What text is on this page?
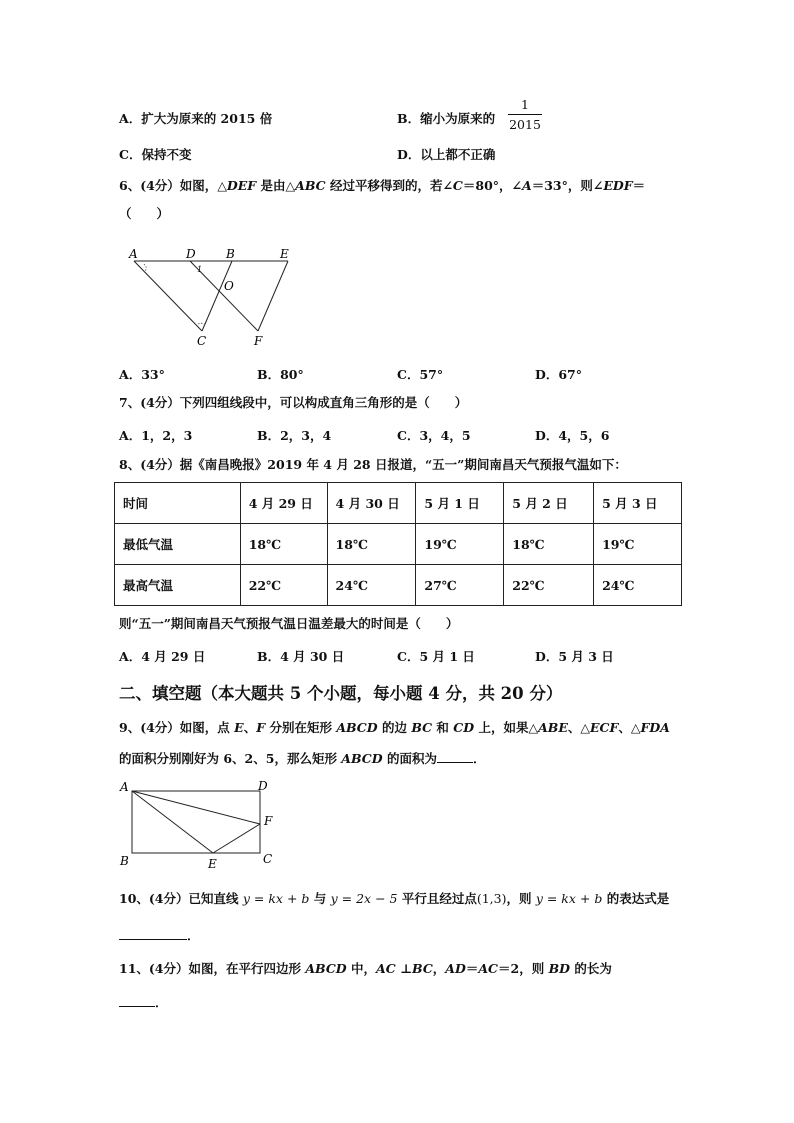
A．扩大为原来的 2015 倍	B．缩小为原来的
1
2015
C．保持不变	D．以上都不正确
6、(4分）如图，△DEF 是由△ABC 经过平移得到的，若∠C＝80°，∠A＝33°，则∠EDF＝
（　　）
A	D	B	E
1
O
C	F
A．33°	B．80°	C．57°	D．67°
7、(4分）下列四组线段中，可以构成直角三角形的是（　　）
A．1，2，3	B．2，3，4	C．3，4，5	D．4，5，6
8、(4分）据《南昌晚报》2019 年 4 月 28 日报道，“五一”期间南昌天气预报气温如下：
时间	4 月 29 日	4 月 30 日	5 月 1 日	5 月 2 日	5 月 3 日
最低气温	18℃	18℃	19℃	18℃	19℃
最高气温	22℃	24℃	27℃	22℃	24℃
则“五一”期间南昌天气预报气温日温差最大的时间是（　　）
A．4 月 29 日	B．4 月 30 日	C．5 月 1 日	D．5 月 3 日
二、填空题（本大题共 5 个小题，每小题 4 分，共 20 分）
9、(4分）如图，点 E、F 分别在矩形 ABCD 的边 BC 和 CD 上，如果△ABE、△ECF、△FDA
的面积分别刚好为 6、2、5，那么矩形 ABCD 的面积为	．
A	D
F
B	E	C
10、(4分）已知直线 y = kx + b 与 y = 2x − 5 平行且经过点(1,3)，则 y = kx + b 的表达式是
．
11、(4分）如图，在平行四边形 ABCD 中，AC ⊥BC，AD＝AC＝2，则 BD 的长为
．
